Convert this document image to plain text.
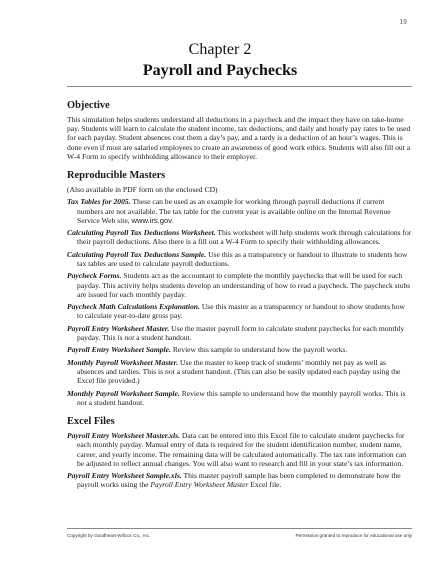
19
Chapter 2
Payroll and Paychecks
Objective

This simulation helps students understand all deductions in a paycheck and the impact they have on take-home pay. Students will learn to calculate the student income, tax deductions, and daily and hourly pay rates to be used for each payday. Student absences cost them a day’s pay, and a tardy is a deduction of an hour’s wages. This is done even if most are salaried employees to create an awareness of good work ethics. Students will also fill out a W-4 Form to specify withholding allowance to their employer.

Reproducible Masters

(Also available in PDF form on the enclosed CD)

Tax Tables for 2005. These can be used as an example for working through payroll deductions if current numbers are not available. The tax table for the current year is available online on the Internal Revenue Service Web site, www.irs.gov.

Calculating Payroll Tax Deductions Worksheet. This worksheet will help students work through calculations for their payroll deductions. Also there is a fill out a W-4 Form to specify their withholding allowances.

Calculating Payroll Tax Deductions Sample. Use this as a transparency or handout to illustrate to students how tax tables are used to calculate payroll deductions.

Paycheck Forms. Students act as the accountant to complete the monthly paychecks that will be used for each payday. This activity helps students develop an understanding of how to read a paycheck. The paycheck stubs are issued for each monthly payday.

Paycheck Math Calculations Explanation. Use this master as a transparency or handout to show students how to calculate year-to-date gross pay.

Payroll Entry Worksheet Master. Use the master payroll form to calculate student paychecks for each monthly payday. This is not a student handout.

Payroll Entry Worksheet Sample. Review this sample to understand how the payroll works.

Monthly Payroll Worksheet Master. Use the master to keep track of students’ monthly net pay as well as absences and tardies. This is not a student handout. (This can also be easily updated each payday using the Excel file provided.)

Monthly Payroll Worksheet Sample. Review this sample to understand how the monthly payroll works. This is not a student handout.

Excel Files

Payroll Entry Worksheet Master.xls. Data can be entered into this Excel file to calculate student paychecks for each monthly payday. Manual entry of data is required for the student identification number, student name, career, and yearly income. The remaining data will be calculated automatically. The tax rate information can be adjusted to reflect annual changes. You will also want to research and fill in your state’s tax information.

Payroll Entry Worksheet Sample.xls. This master payroll sample has been completed to demonstrate how the payroll works using the Payroll Entry Worksheet Master Excel file.

Copyright by Goodheart-Willcox Co., Inc.	Permission granted to reproduce for educational use only
